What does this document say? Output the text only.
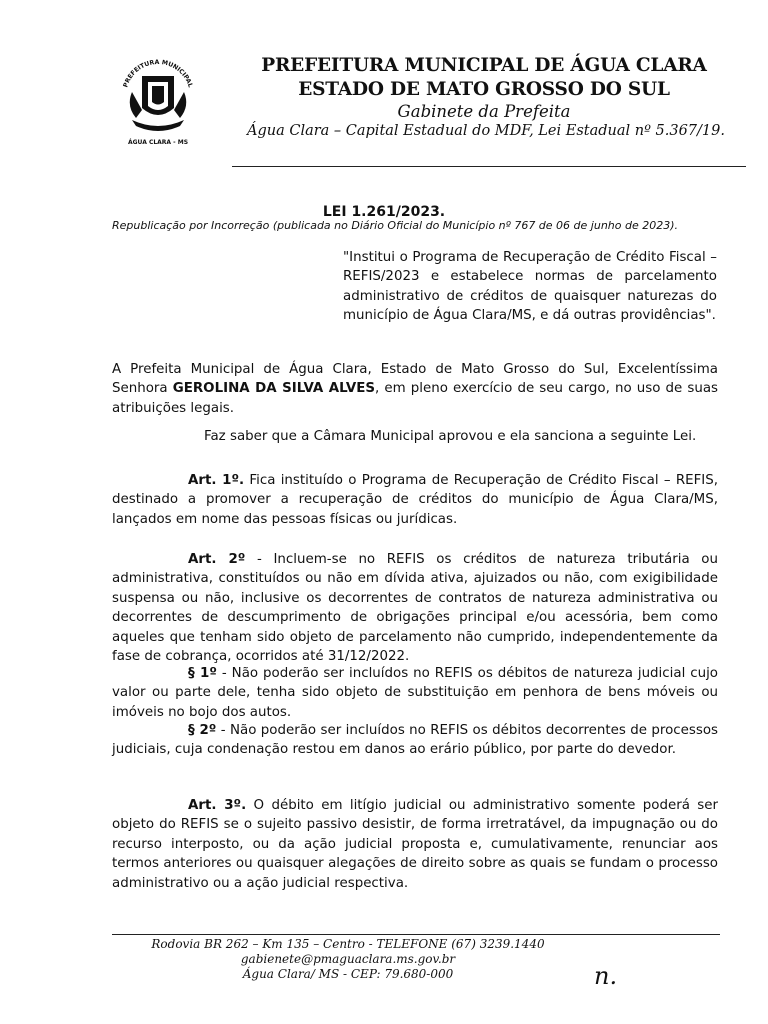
PREFEITURA MUNICIPAL
ÁGUA CLARA - MS
PREFEITURA MUNICIPAL DE ÁGUA CLARA
ESTADO DE MATO GROSSO DO SUL
Gabinete da Prefeita
Água Clara – Capital Estadual do MDF, Lei Estadual nº 5.367/19.
LEI 1.261/2023.
Republicação por Incorreção (publicada no Diário Oficial do Município nº 767 de 06 de junho de 2023).
"Institui o Programa de Recuperação de Crédito Fiscal – REFIS/2023 e estabelece normas de parcelamento administrativo de créditos de quaisquer naturezas do município de Água Clara/MS, e dá outras providências".
A Prefeita Municipal de Água Clara, Estado de Mato Grosso do Sul, Excelentíssima Senhora GEROLINA DA SILVA ALVES, em pleno exercício de seu cargo, no uso de suas atribuições legais.
Faz saber que a Câmara Municipal aprovou e ela sanciona a seguinte Lei.
Art. 1º. Fica instituído o Programa de Recuperação de Crédito Fiscal – REFIS, destinado a promover a recuperação de créditos do município de Água Clara/MS, lançados em nome das pessoas físicas ou jurídicas.
Art. 2º - Incluem-se no REFIS os créditos de natureza tributária ou administrativa, constituídos ou não em dívida ativa, ajuizados ou não, com exigibilidade suspensa ou não, inclusive os decorrentes de contratos de natureza administrativa ou decorrentes de descumprimento de obrigações principal e/ou acessória, bem como aqueles que tenham sido objeto de parcelamento não cumprido, independentemente da fase de cobrança, ocorridos até 31/12/2022.
§ 1º - Não poderão ser incluídos no REFIS os débitos de natureza judicial cujo valor ou parte dele, tenha sido objeto de substituição em penhora de bens móveis ou imóveis no bojo dos autos.
§ 2º - Não poderão ser incluídos no REFIS os débitos decorrentes de processos judiciais, cuja condenação restou em danos ao erário público, por parte do devedor.
Art. 3º. O débito em litígio judicial ou administrativo somente poderá ser objeto do REFIS se o sujeito passivo desistir, de forma irretratável, da impugnação ou do recurso interposto, ou da ação judicial proposta e, cumulativamente, renunciar aos termos anteriores ou quaisquer alegações de direito sobre as quais se fundam o processo administrativo ou a ação judicial respectiva.
Rodovia BR 262 – Km 135 – Centro - TELEFONE (67) 3239.1440
gabienete@pmaguaclara.ms.gov.br
Água Clara/ MS - CEP: 79.680-000	n.
